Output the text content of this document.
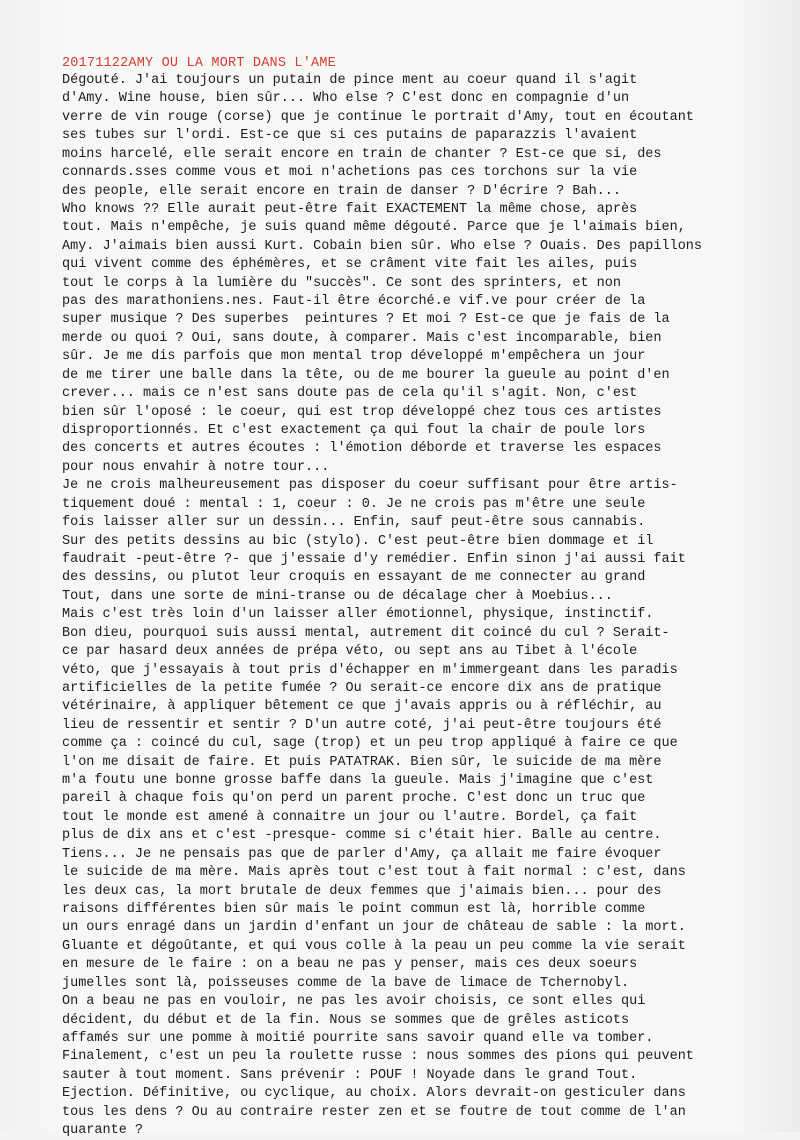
20171122AMY OU LA MORT DANS L'AME
Dégouté. J'ai toujours un putain de pince ment au coeur quand il s'agit
d'Amy. Wine house, bien sûr... Who else ? C'est donc en compagnie d'un
verre de vin rouge (corse) que je continue le portrait d'Amy, tout en écoutant
ses tubes sur l'ordi. Est-ce que si ces putains de paparazzis l'avaient
moins harcelé, elle serait encore en train de chanter ? Est-ce que si, des
connards.sses comme vous et moi n'achetions pas ces torchons sur la vie
des people, elle serait encore en train de danser ? D'écrire ? Bah...
Who knows ?? Elle aurait peut-être fait EXACTEMENT la même chose, après
tout. Mais n'empêche, je suis quand même dégouté. Parce que je l'aimais bien,
Amy. J'aimais bien aussi Kurt. Cobain bien sûr. Who else ? Ouais. Des papillons
qui vivent comme des éphémères, et se crâment vite fait les ailes, puis
tout le corps à la lumière du "succès". Ce sont des sprinters, et non
pas des marathoniens.nes. Faut-il être écorché.e vif.ve pour créer de la
super musique ? Des superbes  peintures ? Et moi ? Est-ce que je fais de la
merde ou quoi ? Oui, sans doute, à comparer. Mais c'est incomparable, bien
sûr. Je me dis parfois que mon mental trop développé m'empêchera un jour
de me tirer une balle dans la tête, ou de me bourer la gueule au point d'en
crever... mais ce n'est sans doute pas de cela qu'il s'agit. Non, c'est
bien sûr l'oposé : le coeur, qui est trop développé chez tous ces artistes
disproportionnés. Et c'est exactement ça qui fout la chair de poule lors
des concerts et autres écoutes : l'émotion déborde et traverse les espaces
pour nous envahir à notre tour...
Je ne crois malheureusement pas disposer du coeur suffisant pour être artis-
tiquement doué : mental : 1, coeur : 0. Je ne crois pas m'être une seule
fois laisser aller sur un dessin... Enfin, sauf peut-être sous cannabis.
Sur des petits dessins au bic (stylo). C'est peut-être bien dommage et il
faudrait -peut-être ?- que j'essaie d'y remédier. Enfin sinon j'ai aussi fait
des dessins, ou plutot leur croquis en essayant de me connecter au grand
Tout, dans une sorte de mini-transe ou de décalage cher à Moebius...
Mais c'est très loin d'un laisser aller émotionnel, physique, instinctif.
Bon dieu, pourquoi suis aussi mental, autrement dit coincé du cul ? Serait-
ce par hasard deux années de prépa véto, ou sept ans au Tibet à l'école
véto, que j'essayais à tout pris d'échapper en m'immergeant dans les paradis
artificielles de la petite fumée ? Ou serait-ce encore dix ans de pratique
vétérinaire, à appliquer bêtement ce que j'avais appris ou à réfléchir, au
lieu de ressentir et sentir ? D'un autre coté, j'ai peut-être toujours été
comme ça : coincé du cul, sage (trop) et un peu trop appliqué à faire ce que
l'on me disait de faire. Et puis PATATRAK. Bien sûr, le suicide de ma mère
m'a foutu une bonne grosse baffe dans la gueule. Mais j'imagine que c'est
pareil à chaque fois qu'on perd un parent proche. C'est donc un truc que
tout le monde est amené à connaitre un jour ou l'autre. Bordel, ça fait
plus de dix ans et c'est -presque- comme si c'était hier. Balle au centre.
Tiens... Je ne pensais pas que de parler d'Amy, ça allait me faire évoquer
le suicide de ma mère. Mais après tout c'est tout à fait normal : c'est, dans
les deux cas, la mort brutale de deux femmes que j'aimais bien... pour des
raisons différentes bien sûr mais le point commun est là, horrible comme
un ours enragé dans un jardin d'enfant un jour de château de sable : la mort.
Gluante et dégoûtante, et qui vous colle à la peau un peu comme la vie serait
en mesure de le faire : on a beau ne pas y penser, mais ces deux soeurs
jumelles sont là, poisseuses comme de la bave de limace de Tchernobyl.
On a beau ne pas en vouloir, ne pas les avoir choisis, ce sont elles qui
décident, du début et de la fin. Nous se sommes que de grêles asticots
affamés sur une pomme à moitié pourrite sans savoir quand elle va tomber.
Finalement, c'est un peu la roulette russe : nous sommes des pions qui peuvent
sauter à tout moment. Sans prévenir : POUF ! Noyade dans le grand Tout.
Ejection. Définitive, ou cyclique, au choix. Alors devrait-on gesticuler dans
tous les dens ? Ou au contraire rester zen et se foutre de tout comme de l'an
quarante ?
